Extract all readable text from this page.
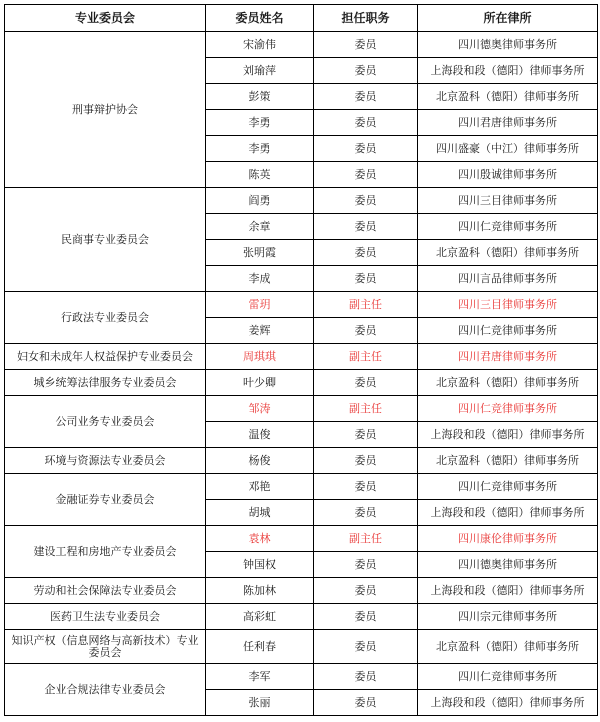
专业委员会	委员姓名	担任职务	所在律所
刑事辩护协会	宋渝伟	委员	四川德奥律师事务所
	刘瑜萍	委员	上海段和段（德阳）律师事务所
	彭策	委员	北京盈科（德阳）律师事务所
	李勇	委员	四川君唐律师事务所
	李勇	委员	四川盛豪（中江）律师事务所
	陈英	委员	四川殷诚律师事务所
民商事专业委员会	阎勇	委员	四川三目律师事务所
	余章	委员	四川仁竞律师事务所
	张明霞	委员	北京盈科（德阳）律师事务所
	李成	委员	四川言品律师事务所
行政法专业委员会	雷玥	副主任	四川三目律师事务所
	姜辉	委员	四川仁竞律师事务所
妇女和未成年人权益保护专业委员会	周琪琪	副主任	四川君唐律师事务所
城乡统筹法律服务专业委员会	叶少卿	委员	北京盈科（德阳）律师事务所
公司业务专业委员会	邹涛	副主任	四川仁竞律师事务所
	温俊	委员	上海段和段（德阳）律师事务所
环境与资源法专业委员会	杨俊	委员	北京盈科（德阳）律师事务所
金融证券专业委员会	邓艳	委员	四川仁竞律师事务所
	胡城	委员	上海段和段（德阳）律师事务所
建设工程和房地产专业委员会	袁林	副主任	四川康伦律师事务所
	钟国权	委员	四川德奥律师事务所
劳动和社会保障法专业委员会	陈加林	委员	上海段和段（德阳）律师事务所
医药卫生法专业委员会	高彩虹	委员	四川宗元律师事务所
知识产权（信息网络与高新技术）专业委员会	任利春	委员	北京盈科（德阳）律师事务所
企业合规法律专业委员会	李军	委员	四川仁竞律师事务所
	张丽	委员	上海段和段（德阳）律师事务所
